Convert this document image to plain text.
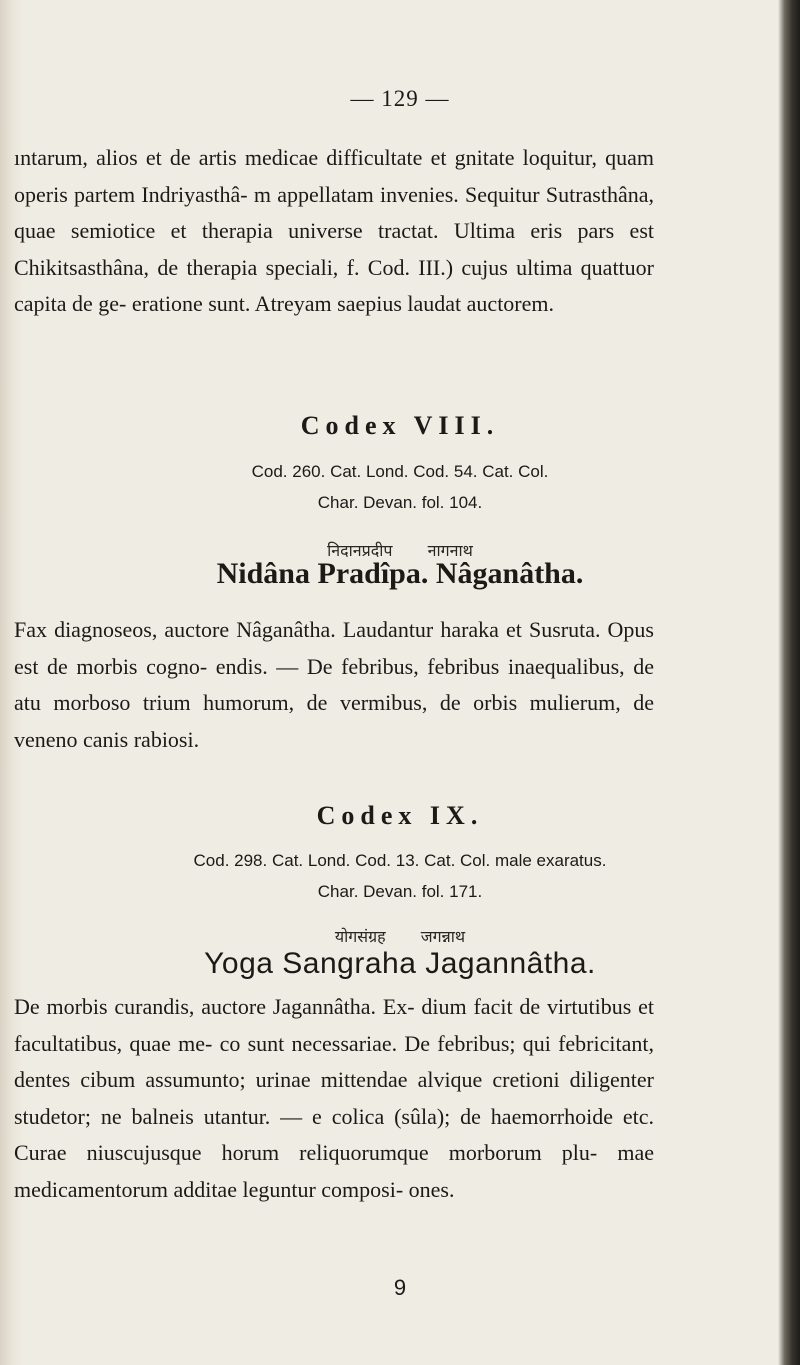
— 129 —
ıntarum, alios et de artis medicae difficultate et gnitate loquitur, quam operis partem Indriyasthâ- m appellatam invenies. Sequitur Sutrasthâna, quae semiotice et therapia universe tractat. Ultima eris pars est Chikitsasthâna, de therapia speciali, f. Cod. III.) cujus ultima quattuor capita de ge- eratione sunt. Atreyam saepius laudat auctorem.
Codex VIII.
Cod. 260. Cat. Lond. Cod. 54. Cat. Col.
Char. Devan. fol. 104.
निदानप्रदीप नागनाथ
Nidâna Pradîpa. Nâganâtha.
Fax diagnoseos, auctore Nâganâtha. Laudantur haraka et Susruta. Opus est de morbis cogno- endis. — De febribus, febribus inaequalibus, de atu morboso trium humorum, de vermibus, de orbis mulierum, de veneno canis rabiosi.
Codex IX.
Cod. 298. Cat. Lond. Cod. 13. Cat. Col. male exaratus.
Char. Devan. fol. 171.
योगसंग्रह जगन्नाथ
Yoga Sangraha Jagannâtha.
De morbis curandis, auctore Jagannâtha. Ex- dium facit de virtutibus et facultatibus, quae me- co sunt necessariae. De febribus; qui febricitant, dentes cibum assumunto; urinae mittendae alvique cretioni diligenter studetor; ne balneis utantur. — e colica (sûla); de haemorrhoide etc. Curae niuscujusque horum reliquorumque morborum plu- mae medicamentorum additae leguntur composi- ones.
9
